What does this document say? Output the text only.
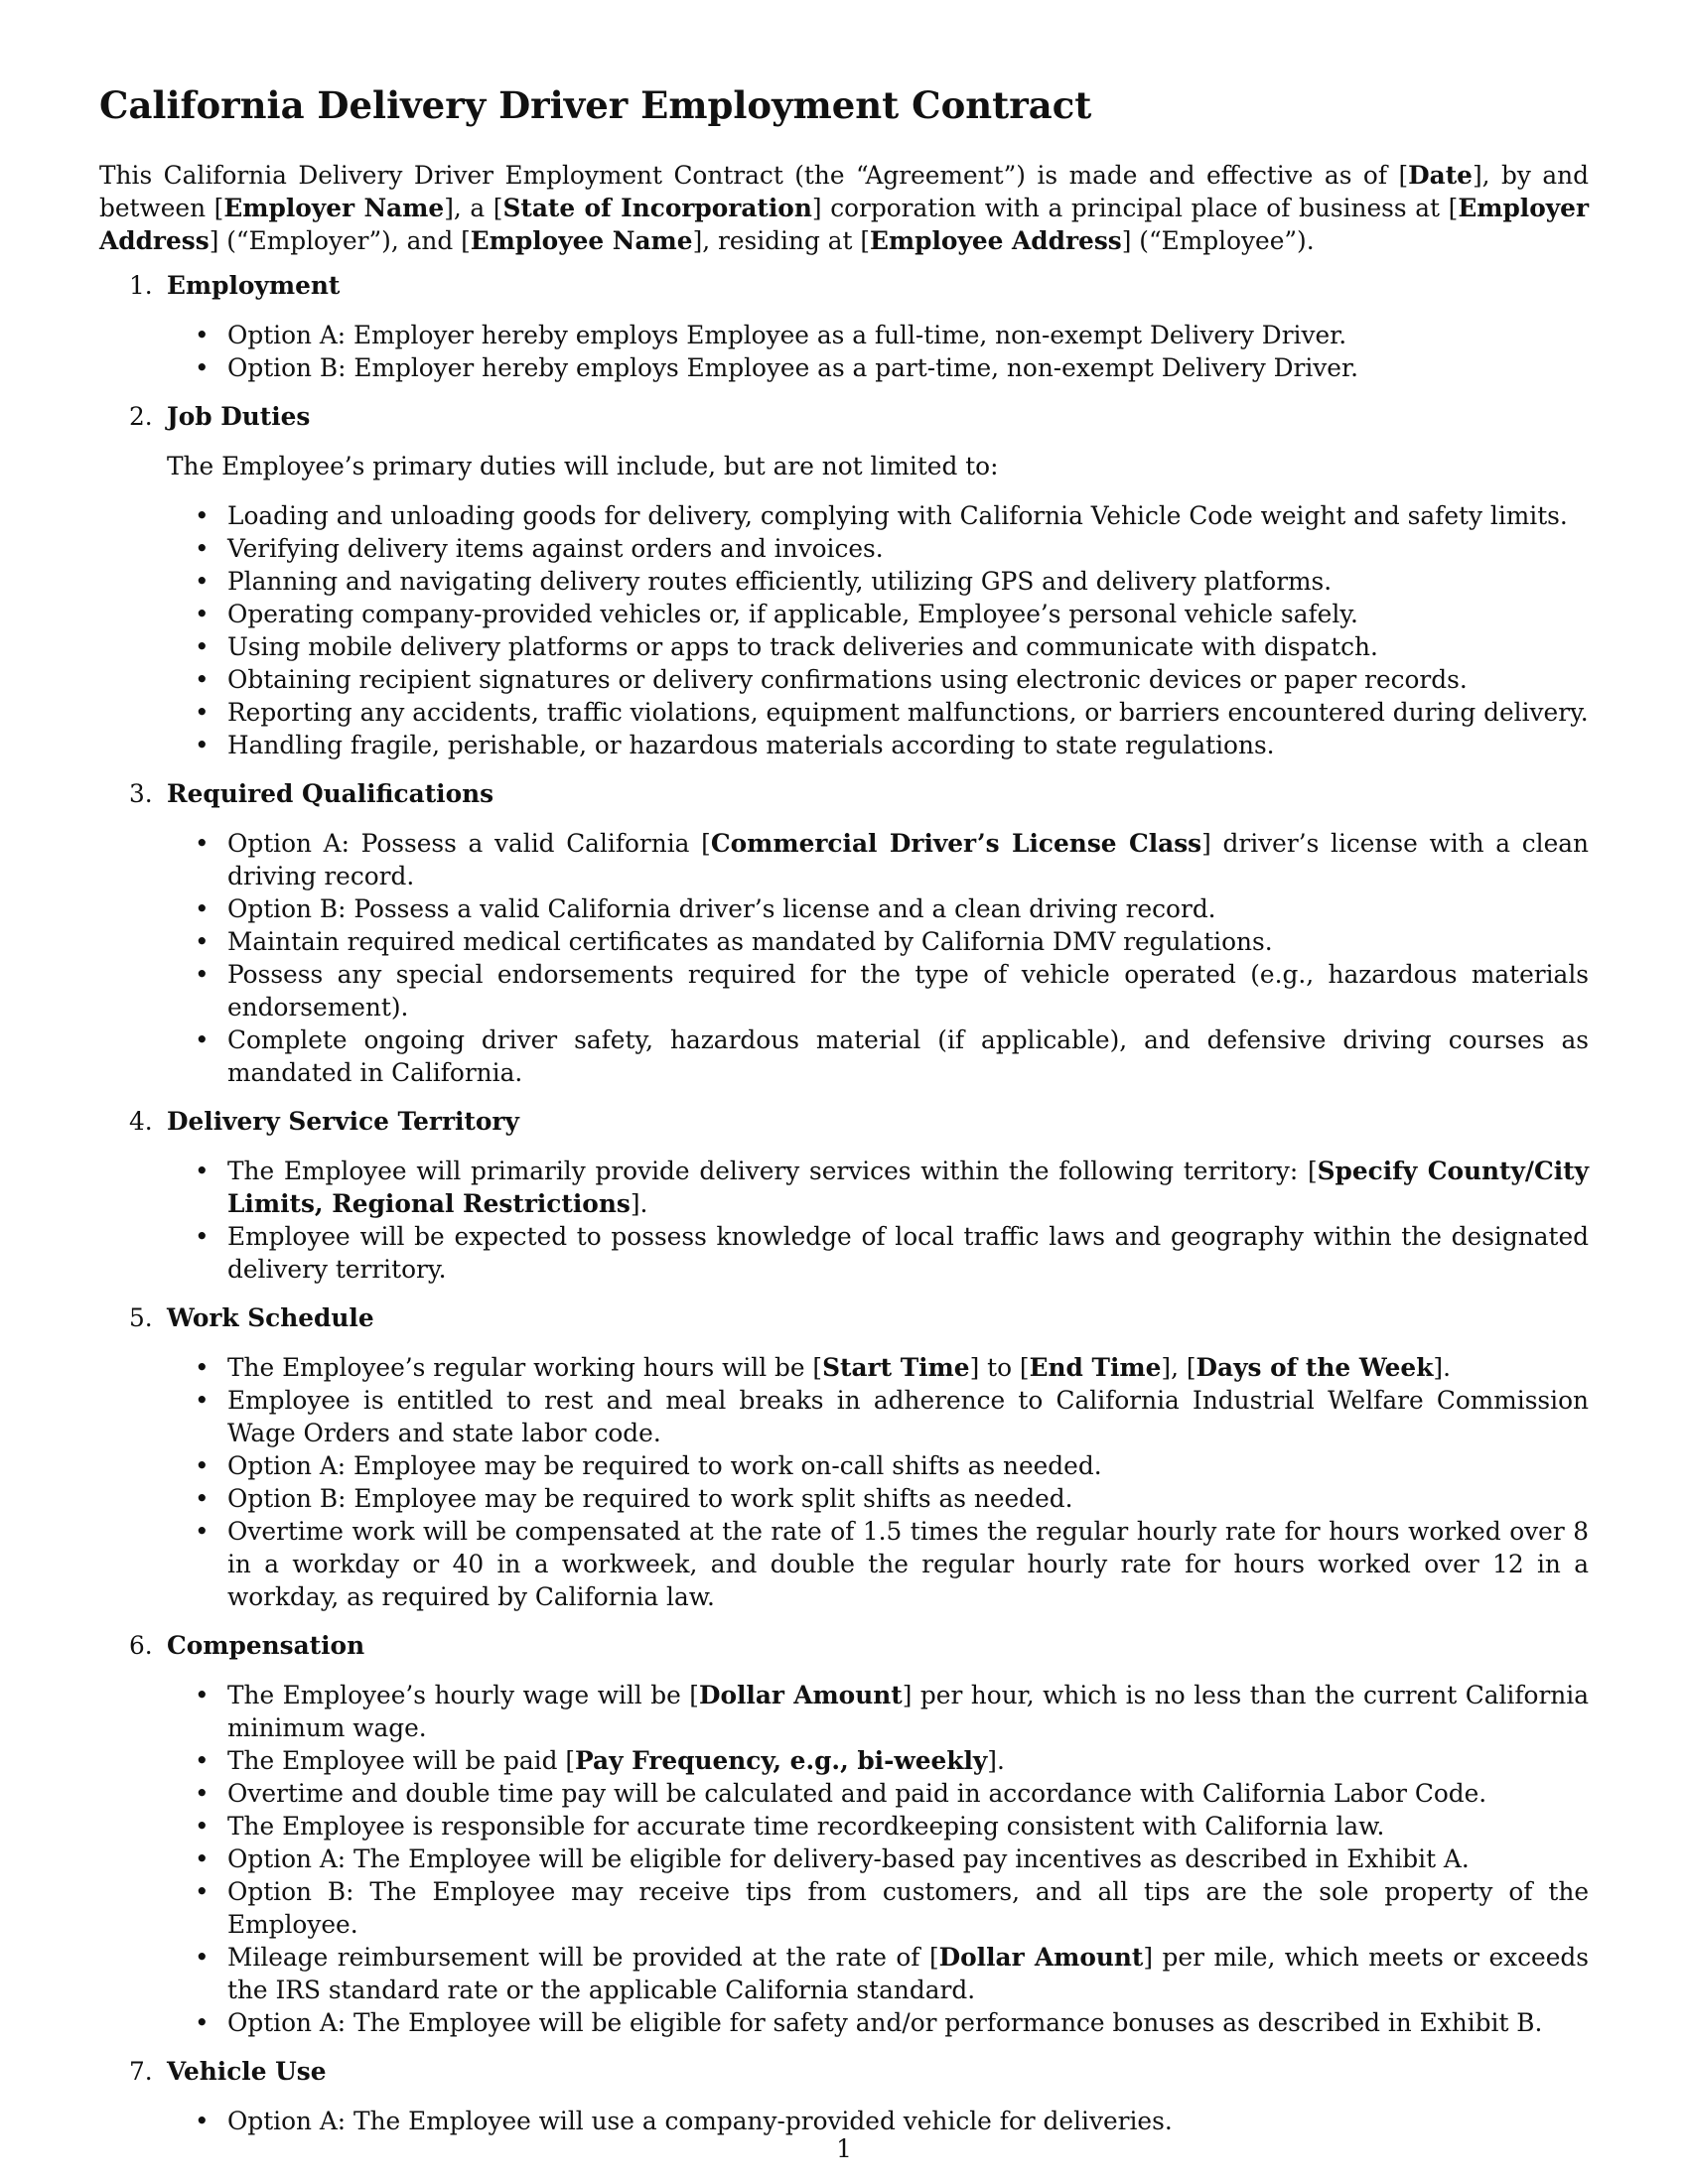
California Delivery Driver Employment Contract

This California Delivery Driver Employment Contract (the “Agreement”) is made and effective as of [Date], by and between [Employer Name], a [State of Incorporation] corporation with a principal place of business at [Employer Address] (“Employer”), and [Employee Name], residing at [Employee Address] (“Employee”).

1. Employment
• Option A: Employer hereby employs Employee as a full-time, non-exempt Delivery Driver.
• Option B: Employer hereby employs Employee as a part-time, non-exempt Delivery Driver.
2. Job Duties

The Employee’s primary duties will include, but are not limited to:

• Loading and unloading goods for delivery, complying with California Vehicle Code weight and safety limits.
• Verifying delivery items against orders and invoices.
• Planning and navigating delivery routes efficiently, utilizing GPS and delivery platforms.
• Operating company-provided vehicles or, if applicable, Employee’s personal vehicle safely.
• Using mobile delivery platforms or apps to track deliveries and communicate with dispatch.
• Obtaining recipient signatures or delivery confirmations using electronic devices or paper records.
• Reporting any accidents, traffic violations, equipment malfunctions, or barriers encountered during delivery.
• Handling fragile, perishable, or hazardous materials according to state regulations.
3. Required Qualifications
• Option A: Possess a valid California [Commercial Driver’s License Class] driver’s license with a clean driving record.
• Option B: Possess a valid California driver’s license and a clean driving record.
• Maintain required medical certificates as mandated by California DMV regulations.
• Possess any special endorsements required for the type of vehicle operated (e.g., hazardous materials endorsement).
• Complete ongoing driver safety, hazardous material (if applicable), and defensive driving courses as mandated in California.
4. Delivery Service Territory
• The Employee will primarily provide delivery services within the following territory: [Specify County/City Limits, Regional Restrictions].
• Employee will be expected to possess knowledge of local traffic laws and geography within the designated delivery territory.
5. Work Schedule
• The Employee’s regular working hours will be [Start Time] to [End Time], [Days of the Week].
• Employee is entitled to rest and meal breaks in adherence to California Industrial Welfare Commission Wage Orders and state labor code.
• Option A: Employee may be required to work on-call shifts as needed.
• Option B: Employee may be required to work split shifts as needed.
• Overtime work will be compensated at the rate of 1.5 times the regular hourly rate for hours worked over 8 in a workday or 40 in a workweek, and double the regular hourly rate for hours worked over 12 in a workday, as required by California law.
6. Compensation
• The Employee’s hourly wage will be [Dollar Amount] per hour, which is no less than the current California minimum wage.
• The Employee will be paid [Pay Frequency, e.g., bi-weekly].
• Overtime and double time pay will be calculated and paid in accordance with California Labor Code.
• The Employee is responsible for accurate time recordkeeping consistent with California law.
• Option A: The Employee will be eligible for delivery-based pay incentives as described in Exhibit A.
• Option B: The Employee may receive tips from customers, and all tips are the sole property of the Employee.
• Mileage reimbursement will be provided at the rate of [Dollar Amount] per mile, which meets or exceeds the IRS standard rate or the applicable California standard.
• Option A: The Employee will be eligible for safety and/or performance bonuses as described in Exhibit B.
7. Vehicle Use
• Option A: The Employee will use a company-provided vehicle for deliveries.
1
